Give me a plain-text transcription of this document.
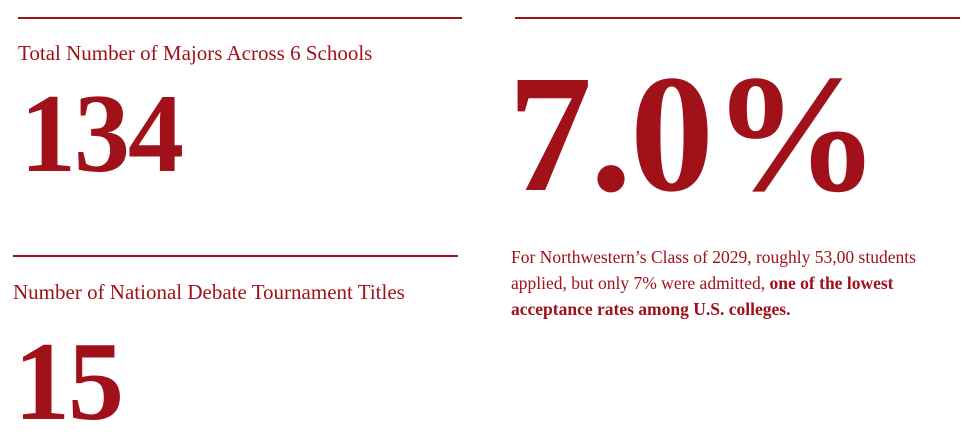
Total Number of Majors Across 6 Schools
134
Number of National Debate Tournament Titles
15
7.0%
For Northwestern’s Class of 2029, roughly 53,00 students applied, but only 7% were admitted, one of the lowest acceptance rates among U.S. colleges.
